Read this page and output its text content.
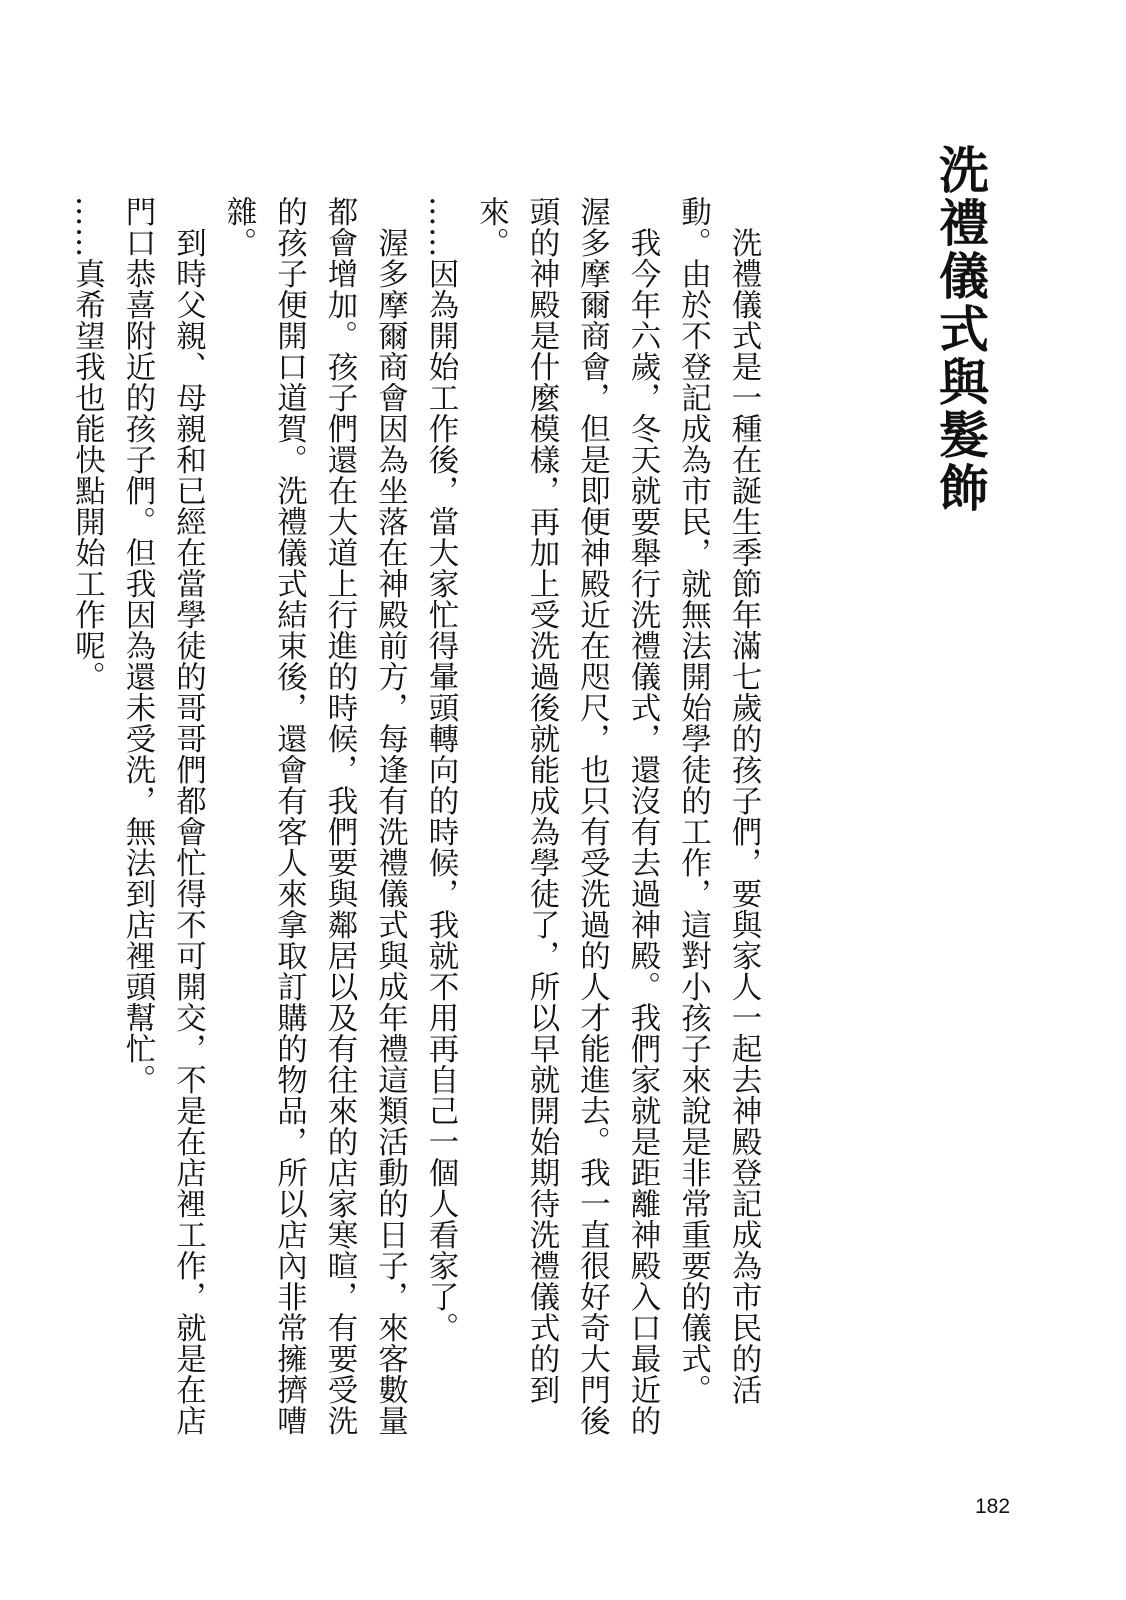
洗禮儀式與髮飾

洗禮儀式是一種在誕生季節年滿七歲的孩子們，要與家人一起去神殿登記成為市民的活動。由於不登記成為市民，就無法開始學徒的工作，這對小孩子來說是非常重要的儀式。

我今年六歲，冬天就要舉行洗禮儀式，還沒有去過神殿。我們家就是距離神殿入口最近的渥多摩爾商會，但是即便神殿近在咫尺，也只有受洗過的人才能進去。我一直很好奇大門後頭的神殿是什麼模樣，再加上受洗過後就能成為學徒了，所以早就開始期待洗禮儀式的到來。

……因為開始工作後，當大家忙得暈頭轉向的時候，我就不用再自己一個人看家了。

渥多摩爾商會因為坐落在神殿前方，每逢有洗禮儀式與成年禮這類活動的日子，來客數量都會增加。孩子們還在大道上行進的時候，我們要與鄰居以及有往來的店家寒暄，有要受洗的孩子便開口道賀。洗禮儀式結束後，還會有客人來拿取訂購的物品，所以店內非常擁擠嘈雜。

到時父親、母親和已經在當學徒的哥哥們都會忙得不可開交，不是在店裡工作，就是在店門口恭喜附近的孩子們。但我因為還未受洗，無法到店裡頭幫忙。

……真希望我也能快點開始工作呢。

182
